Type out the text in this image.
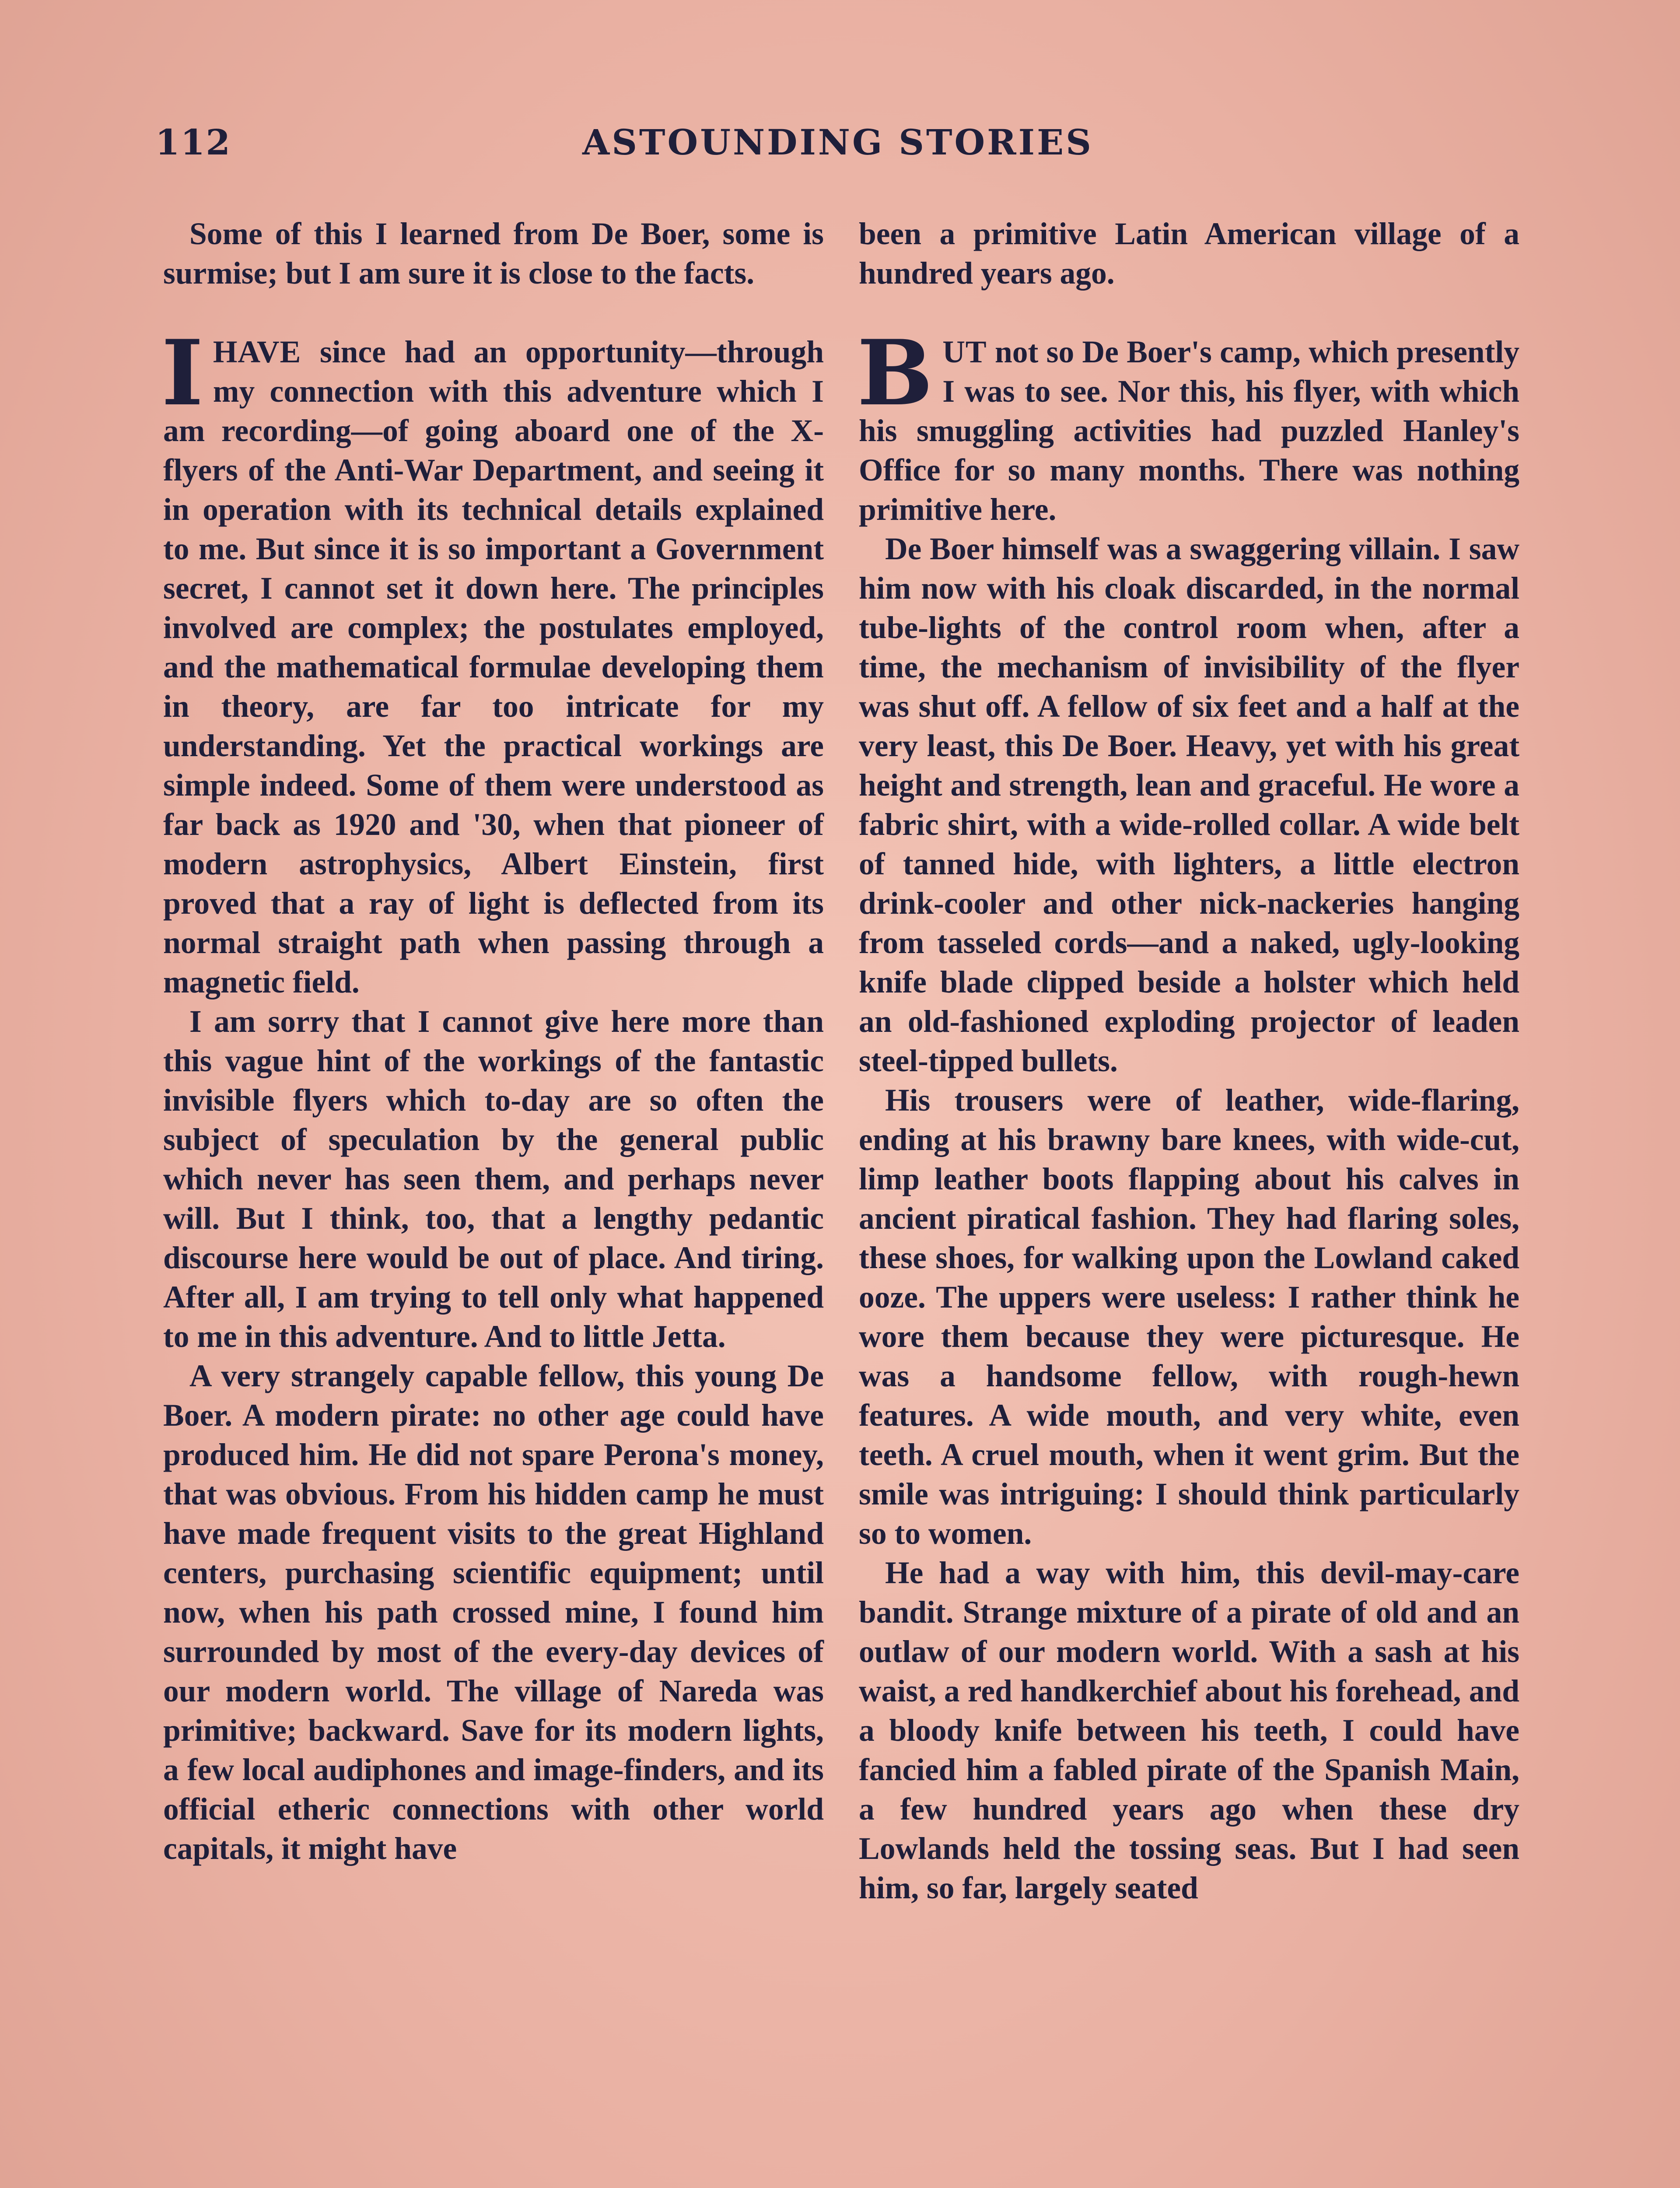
112	ASTOUNDING STORIES

Some of this I learned from De Boer, some is surmise; but I am sure it is close to the facts.

IHAVE since had an opportunity—through my connection with this adventure which I am recording—of going aboard one of the X-flyers of the Anti-War Department, and seeing it in operation with its technical details explained to me. But since it is so important a Government secret, I cannot set it down here. The principles involved are complex; the postulates employed, and the mathematical formulae developing them in theory, are far too intricate for my understanding. Yet the practical workings are simple indeed. Some of them were understood as far back as 1920 and '30, when that pioneer of modern astrophysics, Albert Einstein, first proved that a ray of light is deflected from its normal straight path when passing through a magnetic field.

I am sorry that I cannot give here more than this vague hint of the workings of the fantastic invisible flyers which to-day are so often the subject of speculation by the general public which never has seen them, and perhaps never will. But I think, too, that a lengthy pedantic discourse here would be out of place. And tiring. After all, I am trying to tell only what happened to me in this adventure. And to little Jetta.

A very strangely capable fellow, this young De Boer. A modern pirate: no other age could have produced him. He did not spare Perona's money, that was obvious. From his hidden camp he must have made frequent visits to the great Highland centers, purchasing scientific equipment; until now, when his path crossed mine, I found him surrounded by most of the every-day devices of our modern world. The village of Nareda was primitive; backward. Save for its modern lights, a few local audiphones and image-finders, and its official etheric connections with other world capitals, it might have

been a primitive Latin American village of a hundred years ago.

BUT not so De Boer's camp, which presently I was to see. Nor this, his flyer, with which his smuggling activities had puzzled Hanley's Office for so many months. There was nothing primitive here.

De Boer himself was a swaggering villain. I saw him now with his cloak discarded, in the normal tube-lights of the control room when, after a time, the mechanism of invisibility of the flyer was shut off. A fellow of six feet and a half at the very least, this De Boer. Heavy, yet with his great height and strength, lean and graceful. He wore a fabric shirt, with a wide-rolled collar. A wide belt of tanned hide, with lighters, a little electron drink-cooler and other nick-nackeries hanging from tasseled cords—and a naked, ugly-looking knife blade clipped beside a holster which held an old-fashioned exploding projector of leaden steel-tipped bullets.

His trousers were of leather, wide-flaring, ending at his brawny bare knees, with wide-cut, limp leather boots flapping about his calves in ancient piratical fashion. They had flaring soles, these shoes, for walking upon the Lowland caked ooze. The uppers were useless: I rather think he wore them because they were picturesque. He was a handsome fellow, with rough-hewn features. A wide mouth, and very white, even teeth. A cruel mouth, when it went grim. But the smile was intriguing: I should think particularly so to women.

He had a way with him, this devil-may-care bandit. Strange mixture of a pirate of old and an outlaw of our modern world. With a sash at his waist, a red handkerchief about his forehead, and a bloody knife between his teeth, I could have fancied him a fabled pirate of the Spanish Main, a few hundred years ago when these dry Lowlands held the tossing seas. But I had seen him, so far, largely seated
